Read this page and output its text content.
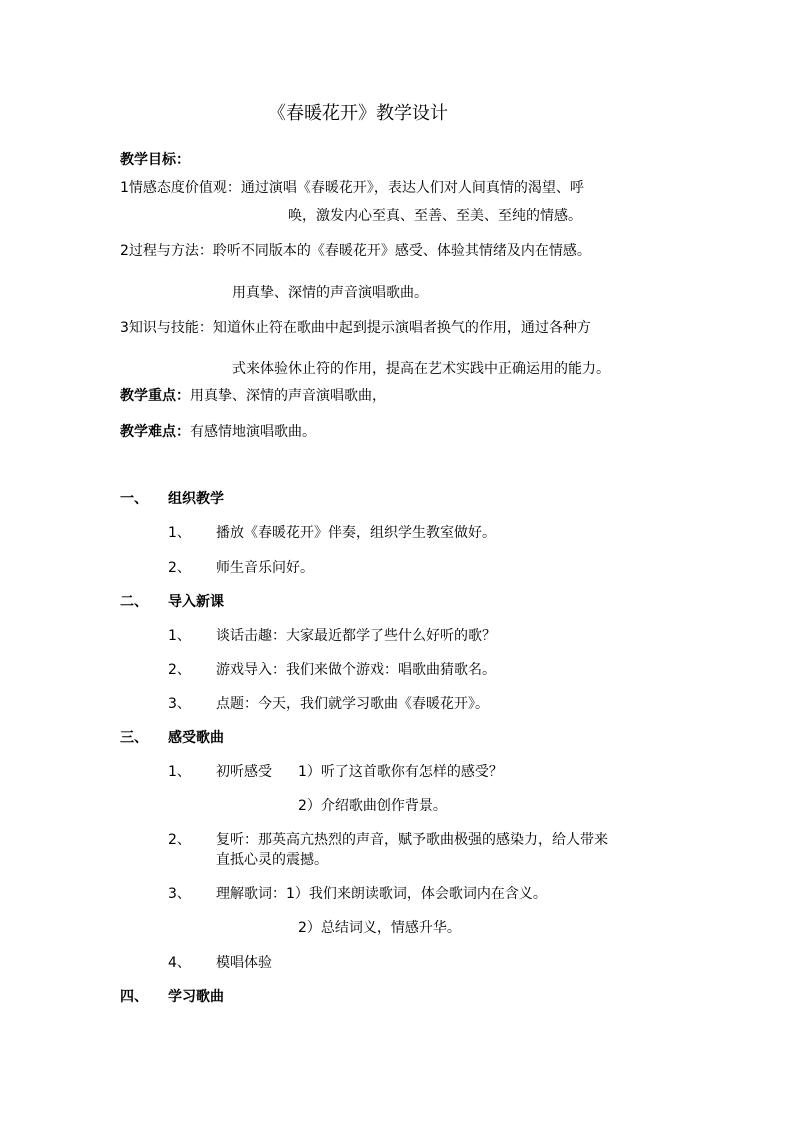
《春暖花开》教学设计
教学目标：
1情感态度价值观：通过演唱《春暖花开》，表达人们对人间真情的渴望、呼
唤，激发内心至真、至善、至美、至纯的情感。
2过程与方法：聆听不同版本的《春暖花开》感受、体验其情绪及内在情感。
用真挚、深情的声音演唱歌曲。
3知识与技能：知道休止符在歌曲中起到提示演唱者换气的作用，通过各种方
式来体验休止符的作用，提高在艺术实践中正确运用的能力。
教学重点：用真挚、深情的声音演唱歌曲，
教学难点：有感情地演唱歌曲。
一、 组织教学
1、 播放《春暖花开》伴奏，组织学生教室做好。
2、 师生音乐问好。
二、 导入新课
1、 谈话击趣：大家最近都学了些什么好听的歌？
2、 游戏导入：我们来做个游戏：唱歌曲猜歌名。
3、 点题：今天，我们就学习歌曲《春暖花开》。
三、 感受歌曲
1、 初听感受 1）听了这首歌你有怎样的感受？
2）介绍歌曲创作背景。
2、 复听：那英高亢热烈的声音，赋予歌曲极强的感染力，给人带来
直抵心灵的震撼。
3、 理解歌词：1）我们来朗读歌词，体会歌词内在含义。
2）总结词义，情感升华。
4、 模唱体验
四、 学习歌曲
